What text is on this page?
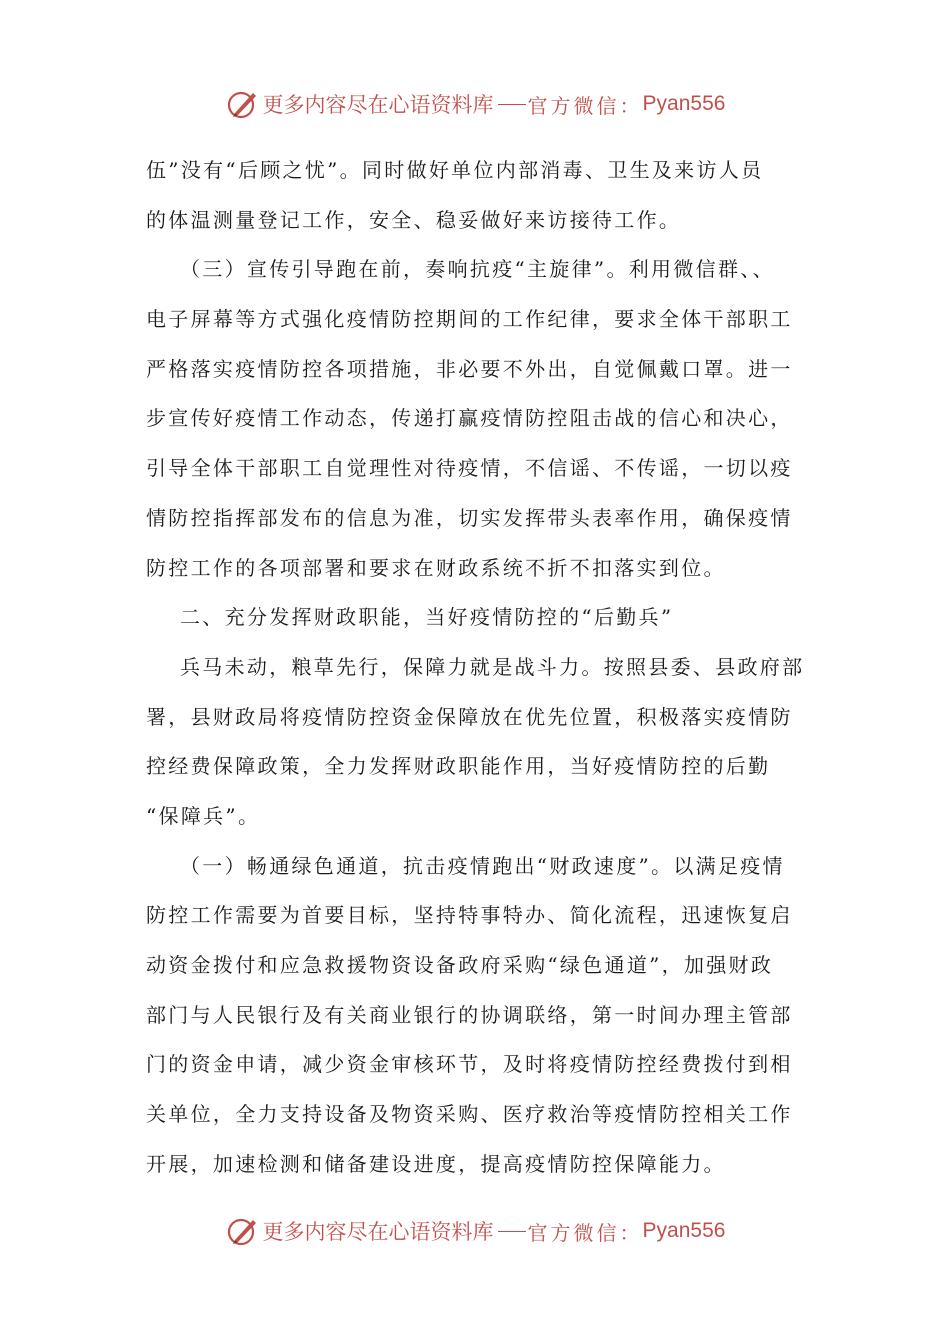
更多内容尽在心语资料库 官方微信： Pyan556
伍”没有“后顾之忧”。同时做好单位内部消毒、卫生及来访人员
的体温测量登记工作，安全、稳妥做好来访接待工作。
（三）宣传引导跑在前，奏响抗疫“主旋律”。利用微信群、、
电子屏幕等方式强化疫情防控期间的工作纪律，要求全体干部职工
严格落实疫情防控各项措施，非必要不外出，自觉佩戴口罩。进一
步宣传好疫情工作动态，传递打赢疫情防控阻击战的信心和决心，
引导全体干部职工自觉理性对待疫情，不信谣、不传谣，一切以疫
情防控指挥部发布的信息为准，切实发挥带头表率作用，确保疫情
防控工作的各项部署和要求在财政系统不折不扣落实到位。
二、充分发挥财政职能，当好疫情防控的“后勤兵”
兵马未动，粮草先行，保障力就是战斗力。按照县委、县政府部
署，县财政局将疫情防控资金保障放在优先位置，积极落实疫情防
控经费保障政策，全力发挥财政职能作用，当好疫情防控的后勤
“保障兵”。
（一）畅通绿色通道，抗击疫情跑出“财政速度”。以满足疫情
防控工作需要为首要目标，坚持特事特办、简化流程，迅速恢复启
动资金拨付和应急救援物资设备政府采购“绿色通道”，加强财政
部门与人民银行及有关商业银行的协调联络，第一时间办理主管部
门的资金申请，减少资金审核环节，及时将疫情防控经费拨付到相
关单位，全力支持设备及物资采购、医疗救治等疫情防控相关工作
开展，加速检测和储备建设进度，提高疫情防控保障能力。
更多内容尽在心语资料库 官方微信： Pyan556
